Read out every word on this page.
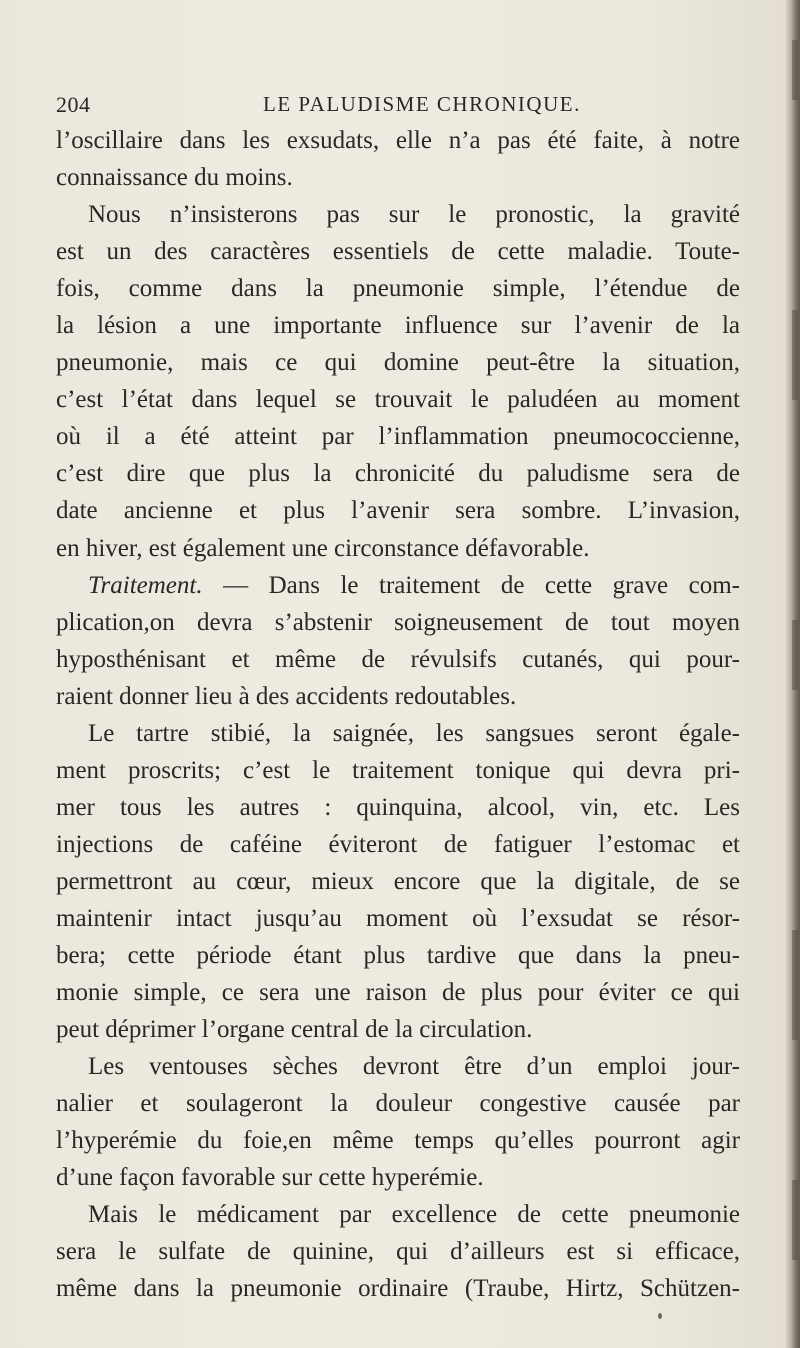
204	LE PALUDISME CHRONIQUE.
l’oscillaire dans les exsudats, elle n’a pas été faite, à notre
connaissance du moins.
Nous n’insisterons pas sur le pronostic, la gravité
est un des caractères essentiels de cette maladie. Toute-
fois, comme dans la pneumonie simple, l’étendue de
la lésion a une importante influence sur l’avenir de la
pneumonie, mais ce qui domine peut-être la situation,
c’est l’état dans lequel se trouvait le paludéen au moment
où il a été atteint par l’inflammation pneumococcienne,
c’est dire que plus la chronicité du paludisme sera de
date ancienne et plus l’avenir sera sombre. L’invasion,
en hiver, est également une circonstance défavorable.
Traitement. — Dans le traitement de cette grave com-
plication,on devra s’abstenir soigneusement de tout moyen
hyposthénisant et même de révulsifs cutanés, qui pour-
raient donner lieu à des accidents redoutables.
Le tartre stibié, la saignée, les sangsues seront égale-
ment proscrits; c’est le traitement tonique qui devra pri-
mer tous les autres : quinquina, alcool, vin, etc. Les
injections de caféine éviteront de fatiguer l’estomac et
permettront au cœur, mieux encore que la digitale, de se
maintenir intact jusqu’au moment où l’exsudat se résor-
bera; cette période étant plus tardive que dans la pneu-
monie simple, ce sera une raison de plus pour éviter ce qui
peut déprimer l’organe central de la circulation.
Les ventouses sèches devront être d’un emploi jour-
nalier et soulageront la douleur congestive causée par
l’hyperémie du foie,en même temps qu’elles pourront agir
d’une façon favorable sur cette hyperémie.
Mais le médicament par excellence de cette pneumonie
sera le sulfate de quinine, qui d’ailleurs est si efficace,
même dans la pneumonie ordinaire (Traube, Hirtz, Schützen-
